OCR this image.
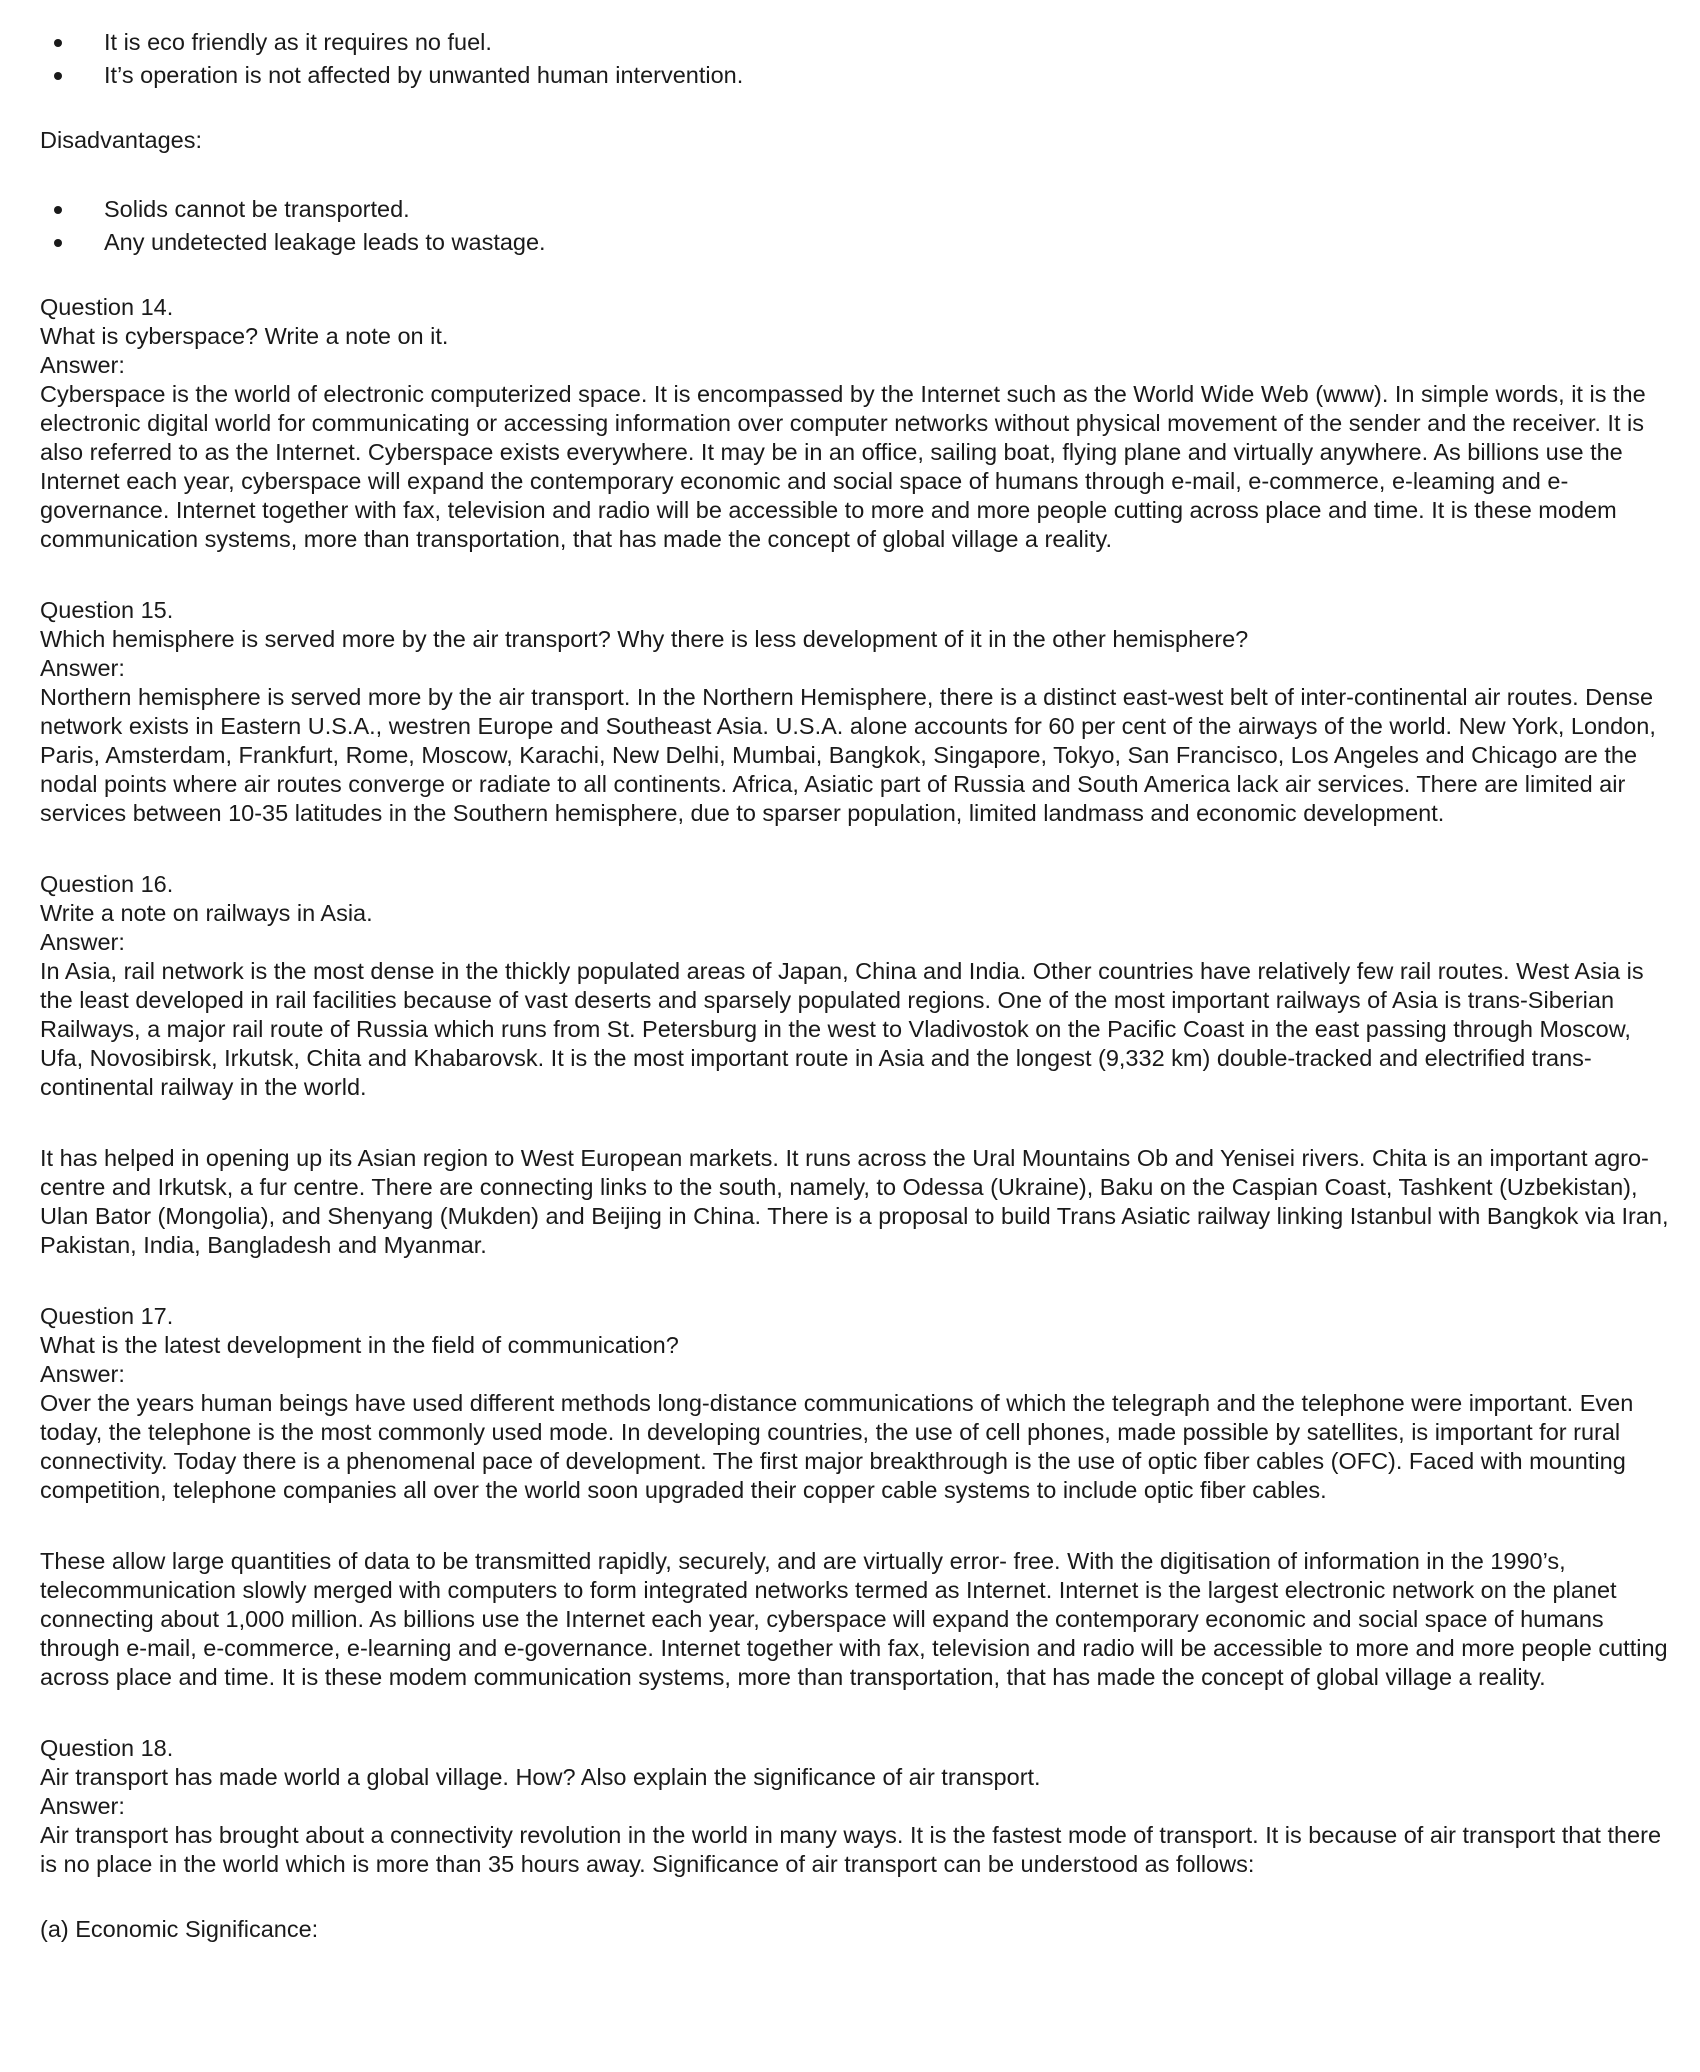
It is eco friendly as it requires no fuel.
It’s operation is not affected by unwanted human intervention.

Disadvantages:

Solids cannot be transported.
Any undetected leakage leads to wastage.

Question 14.

What is cyberspace? Write a note on it.

Answer:

Cyberspace is the world of electronic computerized space. It is encompassed by the Internet such as the World Wide Web (www). In simple words, it is the electronic digital world for communicating or accessing information over computer networks without physical movement of the sender and the receiver. It is also referred to as the Internet. Cyberspace exists everywhere. It may be in an office, sailing boat, flying plane and virtually anywhere. As billions use the Internet each year, cyberspace will expand the contemporary economic and social space of humans through e-mail, e-commerce, e-leaming and e-governance. Internet together with fax, television and radio will be accessible to more and more people cutting across place and time. It is these modem communication systems, more than transportation, that has made the concept of global village a reality.

Question 15.

Which hemisphere is served more by the air transport? Why there is less development of it in the other hemisphere?

Answer:

Northern hemisphere is served more by the air transport. In the Northern Hemisphere, there is a distinct east-west belt of inter-continental air routes. Dense network exists in Eastern U.S.A., westren Europe and Southeast Asia. U.S.A. alone accounts for 60 per cent of the airways of the world. New York, London, Paris, Amsterdam, Frankfurt, Rome, Moscow, Karachi, New Delhi, Mumbai, Bangkok, Singapore, Tokyo, San Francisco, Los Angeles and Chicago are the nodal points where air routes converge or radiate to all continents. Africa, Asiatic part of Russia and South America lack air services. There are limited air services between 10-35 latitudes in the Southern hemisphere, due to sparser population, limited landmass and economic development.

Question 16.

Write a note on railways in Asia.

Answer:

In Asia, rail network is the most dense in the thickly populated areas of Japan, China and India. Other countries have relatively few rail routes. West Asia is the least developed in rail facilities because of vast deserts and sparsely populated regions. One of the most important railways of Asia is trans-Siberian Railways, a major rail route of Russia which runs from St. Petersburg in the west to Vladivostok on the Pacific Coast in the east passing through Moscow, Ufa, Novosibirsk, Irkutsk, Chita and Khabarovsk. It is the most important route in Asia and the longest (9,332 km) double-tracked and electrified trans-continental railway in the world.

It has helped in opening up its Asian region to West European markets. It runs across the Ural Mountains Ob and Yenisei rivers. Chita is an important agro-centre and Irkutsk, a fur centre. There are connecting links to the south, namely, to Odessa (Ukraine), Baku on the Caspian Coast, Tashkent (Uzbekistan), Ulan Bator (Mongolia), and Shenyang (Mukden) and Beijing in China. There is a proposal to build Trans Asiatic railway linking Istanbul with Bangkok via Iran, Pakistan, India, Bangladesh and Myanmar.

Question 17.

What is the latest development in the field of communication?

Answer:

Over the years human beings have used different methods long-distance communications of which the telegraph and the telephone were important. Even today, the telephone is the most commonly used mode. In developing countries, the use of cell phones, made possible by satellites, is important for rural connectivity. Today there is a phenomenal pace of development. The first major breakthrough is the use of optic fiber cables (OFC). Faced with mounting competition, telephone companies all over the world soon upgraded their copper cable systems to include optic fiber cables.

These allow large quantities of data to be transmitted rapidly, securely, and are virtually error- free. With the digitisation of information in the 1990’s, telecommunication slowly merged with computers to form integrated networks termed as Internet. Internet is the largest electronic network on the planet connecting about 1,000 million. As billions use the Internet each year, cyberspace will expand the contemporary economic and social space of humans through e-mail, e-commerce, e-learning and e-governance. Internet together with fax, television and radio will be accessible to more and more people cutting across place and time. It is these modem communication systems, more than transportation, that has made the concept of global village a reality.

Question 18.

Air transport has made world a global village. How? Also explain the significance of air transport.

Answer:

Air transport has brought about a connectivity revolution in the world in many ways. It is the fastest mode of transport. It is because of air transport that there is no place in the world which is more than 35 hours away. Significance of air transport can be understood as follows:

(a) Economic Significance:
